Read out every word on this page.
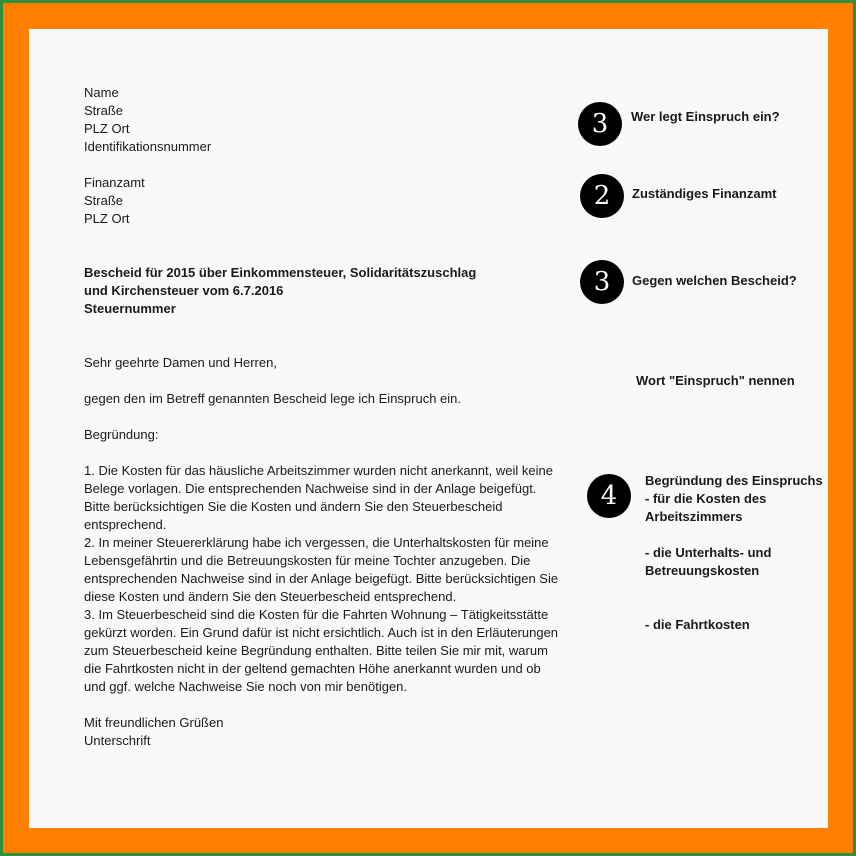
Name
Straße
PLZ Ort
Identifikationsnummer
Finanzamt
Straße
PLZ Ort
Bescheid für 2015 über Einkommensteuer, Solidaritätszuschlag
und Kirchensteuer vom 6.7.2016
Steuernummer
Sehr geehrte Damen und Herren,
gegen den im Betreff genannten Bescheid lege ich Einspruch ein.
Begründung:
1. Die Kosten für das häusliche Arbeitszimmer wurden nicht anerkannt, weil keine Belege vorlagen. Die entsprechenden Nachweise sind in der Anlage beigefügt. Bitte berücksichtigen Sie die Kosten und ändern Sie den Steuerbescheid entsprechend.
2. In meiner Steuererklärung habe ich vergessen, die Unterhaltskosten für meine Lebensgefährtin und die Betreuungskosten für meine Tochter anzugeben. Die entsprechenden Nachweise sind in der Anlage beigefügt. Bitte berücksichtigen Sie diese Kosten und ändern Sie den Steuerbescheid entsprechend.
3. Im Steuerbescheid sind die Kosten für die Fahrten Wohnung – Tätigkeitsstätte gekürzt worden. Ein Grund dafür ist nicht ersichtlich. Auch ist in den Erläuterungen zum Steuerbescheid keine Begründung enthalten. Bitte teilen Sie mir mit, warum die Fahrtkosten nicht in der geltend gemachten Höhe anerkannt wurden und ob und ggf. welche Nachweise Sie noch von mir benötigen.
Mit freundlichen Grüßen
Unterschrift
3	Wer legt Einspruch ein?
2	Zuständiges Finanzamt
3	Gegen welchen Bescheid?
Wort "Einspruch" nennen
4
Begründung des Einspruchs
- für die Kosten des
Arbeitszimmers
- die Unterhalts- und
Betreuungskosten
- die Fahrtkosten
